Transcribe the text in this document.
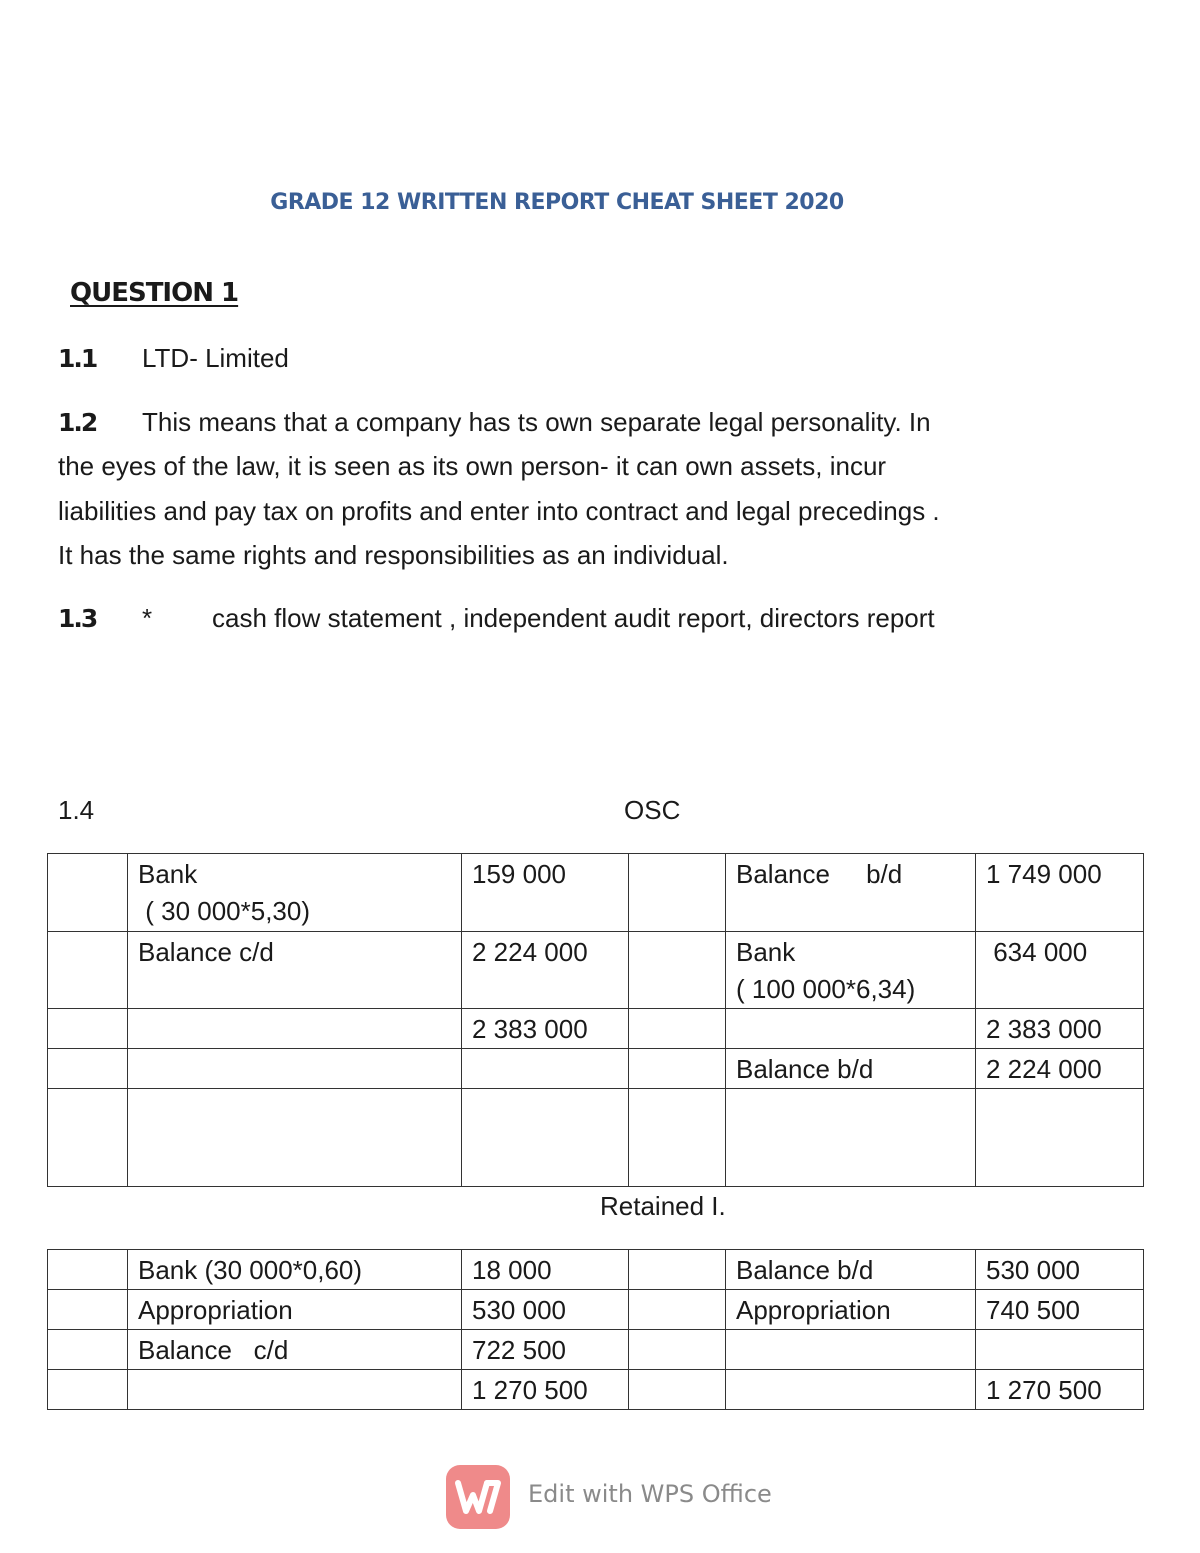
GRADE 12 WRITTEN REPORT CHEAT SHEET 2020
QUESTION 1
1.1 LTD- Limited
1.2 This means that a company has ts own separate legal personality. In
the eyes of the law, it is seen as its own person- it can own assets, incur
liabilities and pay tax on profits and enter into contract and legal precedings .
It has the same rights and responsibilities as an individual.
1.3 * cash flow statement , independent audit report, directors report
1.4	OSC

	Bank
( 30 000*5,30)	159 000		Balance     b/d	1 749 000

	Balance c/d	2 224 000		Bank
( 100 000*6,34)	634 000
		2 383 000			2 383 000
				Balance b/d	2 224 000

Retained I.
	Bank (30 000*0,60)	18 000		Balance b/d	530 000
	Appropriation	530 000		Appropriation	740 500
	Balance   c/d	722 500			
		1 270 500			1 270 500
Edit with WPS Office
